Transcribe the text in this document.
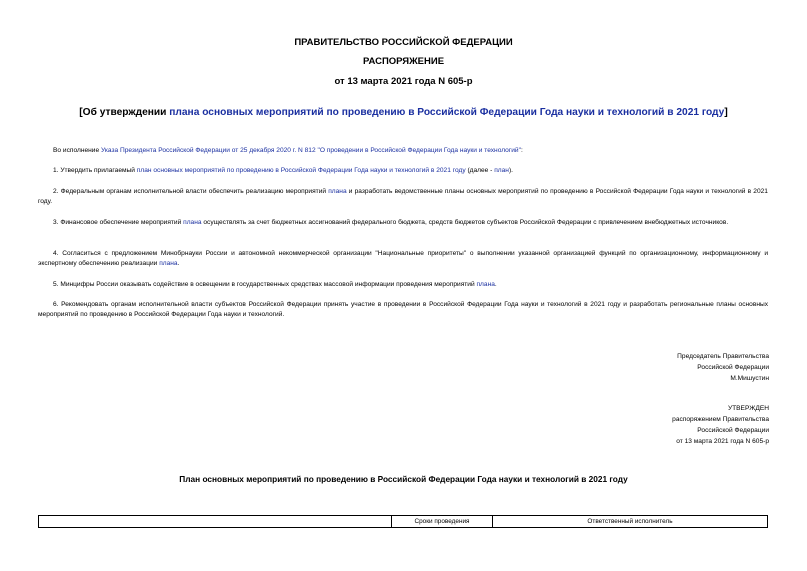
ПРАВИТЕЛЬСТВО РОССИЙСКОЙ ФЕДЕРАЦИИ
РАСПОРЯЖЕНИЕ
от 13 марта 2021 года N 605-р
[Об утверждении плана основных мероприятий по проведению в Российской Федерации Года науки и технологий в 2021 году]
Во исполнение Указа Президента Российской Федерации от 25 декабря 2020 г. N 812 "О проведении в Российской Федерации Года науки и технологий":
1. Утвердить прилагаемый план основных мероприятий по проведению в Российской Федерации Года науки и технологий в 2021 году (далее - план).
2. Федеральным органам исполнительной власти обеспечить реализацию мероприятий плана и разработать ведомственные планы основных мероприятий по проведению в Российской Федерации Года науки и технологий в 2021 году.
3. Финансовое обеспечение мероприятий плана осуществлять за счет бюджетных ассигнований федерального бюджета, средств бюджетов субъектов Российской Федерации с привлечением внебюджетных источников.
4. Согласиться с предложением Минобрнауки России и автономной некоммерческой организации "Национальные приоритеты" о выполнении указанной организацией функций по организационному, информационному и экспертному обеспечению реализации плана.
5. Минцифры России оказывать содействие в освещении в государственных средствах массовой информации проведения мероприятий плана.
6. Рекомендовать органам исполнительной власти субъектов Российской Федерации принять участие в проведении в Российской Федерации Года науки и технологий в 2021 году и разработать региональные планы основных мероприятий по проведению в Российской Федерации Года науки и технологий.
Председатель Правительства
Российской Федерации
М.Мишустин
УТВЕРЖДЕН
распоряжением Правительства
Российской Федерации
от 13 марта 2021 года N 605-р
План основных мероприятий по проведению в Российской Федерации Года науки и технологий в 2021 году
	Сроки проведения	Ответственный исполнитель
